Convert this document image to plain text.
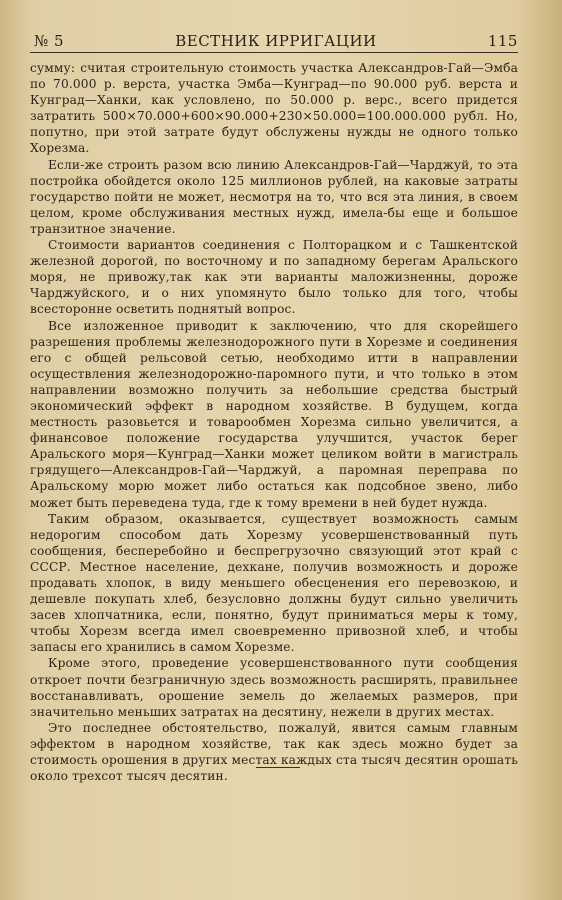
№ 5	ВЕСТНИК ИРРИГАЦИИ	115

сумму: считая строительную стоимость участка Александров-Гай—Эмба по 70.000 р. верста, участка Эмба—Кунград—по 90.000 руб. верста и Кунград—Ханки, как условлено, по 50.000 р. верс., всего придется затратить 500×70.000+600×90.000+230×50.000=100.000.000 рубл. Но, попутно, при этой затрате будут обслужены нужды не одного только Хорезма.

Если-же строить разом всю линию Александров-Гай—Чарджуй, то эта постройка обойдется около 125 миллионов рублей, на каковые затраты государство пойти не может, несмотря на то, что вся эта линия, в своем целом, кроме обслуживания местных нужд, имела-бы еще и большое транзитное значение.

Стоимости вариантов соединения с Полторацком и с Ташкентской железной дорогой, по восточному и по западному берегам Аральского моря, не привожу,так как эти варианты маложизненны, дороже Чарджуйского, и о них упомянуто было только для того, чтобы всесторонне осветить поднятый вопрос.

Все изложенное приводит к заключению, что для скорейшего разрешения проблемы железнодорожного пути в Хорезме и соединения его с общей рельсовой сетью, необходимо итти в направлении осуществления железнодорожно-паромного пути, и что только в этом направлении возможно получить за небольшие средства быстрый экономический эффект в народном хозяйстве. В будущем, когда местность разовьется и товарообмен Хорезма сильно увеличится, а финансовое положение государства улучшится, участок берег Аральского моря—Кунград—Ханки может целиком войти в магистраль грядущего—Александров-Гай—Чарджуй, а паромная переправа по Аральскому морю может либо остаться как подсобное звено, либо может быть переведена туда, где к тому времени в ней будет нужда.

Таким образом, оказывается, существует возможность самым недорогим способом дать Хорезму усовершенствованный путь сообщения, бесперебойно и беспрегрузочно связующий этот край с СССР. Местное население, дехкане, получив возможность и дороже продавать хлопок, в виду меньшего обесценения его перевозкою, и дешевле покупать хлеб, безусловно должны будут сильно увеличить засев хлопчатника, если, понятно, будут приниматься меры к тому, чтобы Хорезм всегда имел своевременно привозной хлеб, и чтобы запасы его хранились в самом Хорезме.

Кроме этого, проведение усовершенствованного пути сообщения откроет почти безграничную здесь возможность расширять, правильнее восстанавливать, орошение земель до желаемых размеров, при значительно меньших затратах на десятину, нежели в других местах.

Это последнее обстоятельство, пожалуй, явится самым главным эффектом в народном хозяйстве, так как здесь можно будет за стоимость орошения в других местах каждых ста тысяч десятин орошать около трехсот тысяч десятин.
